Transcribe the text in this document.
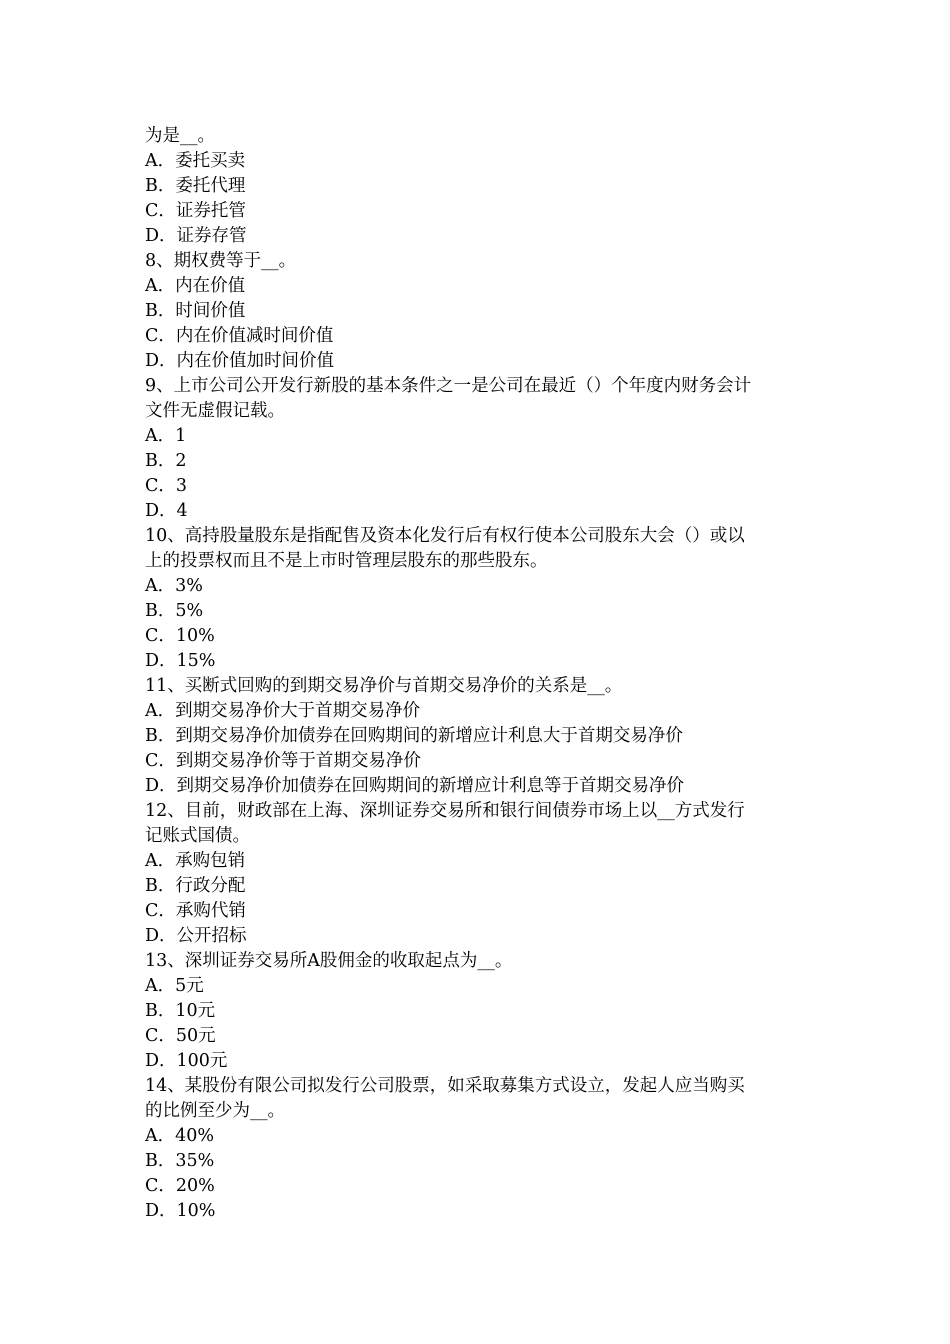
为是__。
A．委托买卖
B．委托代理
C．证券托管
D．证券存管
8、期权费等于__。
A．内在价值
B．时间价值
C．内在价值减时间价值
D．内在价值加时间价值
9、上市公司公开发行新股的基本条件之一是公司在最近（）个年度内财务会计
文件无虚假记载。
A．1
B．2
C．3
D．4
10、高持股量股东是指配售及资本化发行后有权行使本公司股东大会（）或以
上的投票权而且不是上市时管理层股东的那些股东。
A．3%
B．5%
C．10%
D．15%
11、买断式回购的到期交易净价与首期交易净价的关系是__。
A．到期交易净价大于首期交易净价
B．到期交易净价加债券在回购期间的新增应计利息大于首期交易净价
C．到期交易净价等于首期交易净价
D．到期交易净价加债券在回购期间的新增应计利息等于首期交易净价
12、目前，财政部在上海、深圳证券交易所和银行间债券市场上以__方式发行
记账式国债。
A．承购包销
B．行政分配
C．承购代销
D．公开招标
13、深圳证券交易所A股佣金的收取起点为__。
A．5元
B．10元
C．50元
D．100元
14、某股份有限公司拟发行公司股票，如采取募集方式设立，发起人应当购买
的比例至少为__。
A．40%
B．35%
C．20%
D．10%
